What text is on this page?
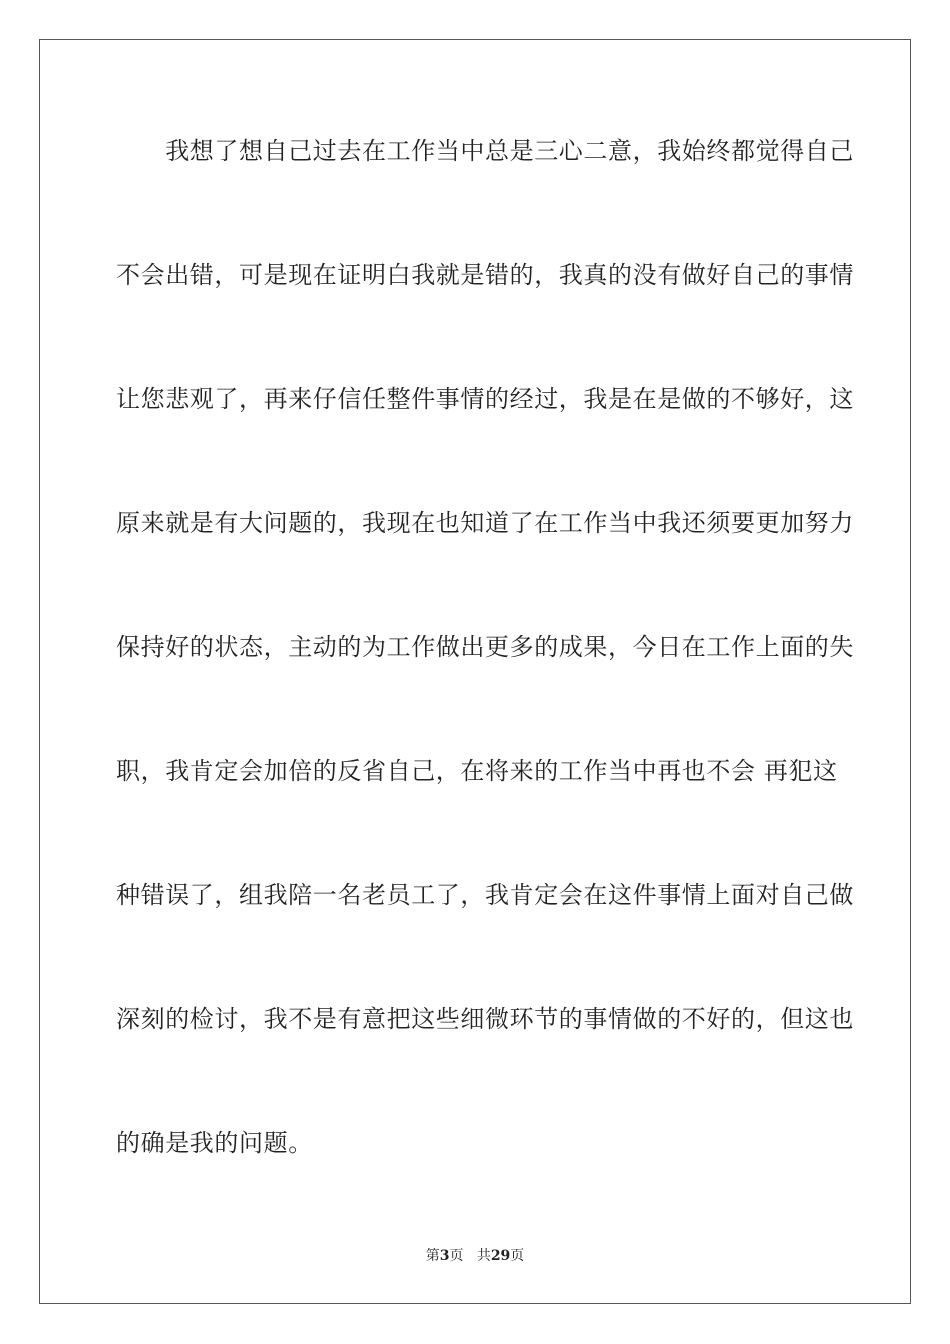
　　我想了想自己过去在工作当中总是三心二意，我始终都觉得自己
不会出错，可是现在证明白我就是错的，我真的没有做好自己的事情
让您悲观了，再来仔信任整件事情的经过，我是在是做的不够好，这
原来就是有大问题的，我现在也知道了在工作当中我还须要更加努力
保持好的状态，主动的为工作做出更多的成果，今日在工作上面的失
职，我肯定会加倍的反省自己，在将来的工作当中再也不会 再犯这
种错误了，组我陪一名老员工了，我肯定会在这件事情上面对自己做
深刻的检讨，我不是有意把这些细微环节的事情做的不好的，但这也
的确是我的问题。
第3页 共29页
